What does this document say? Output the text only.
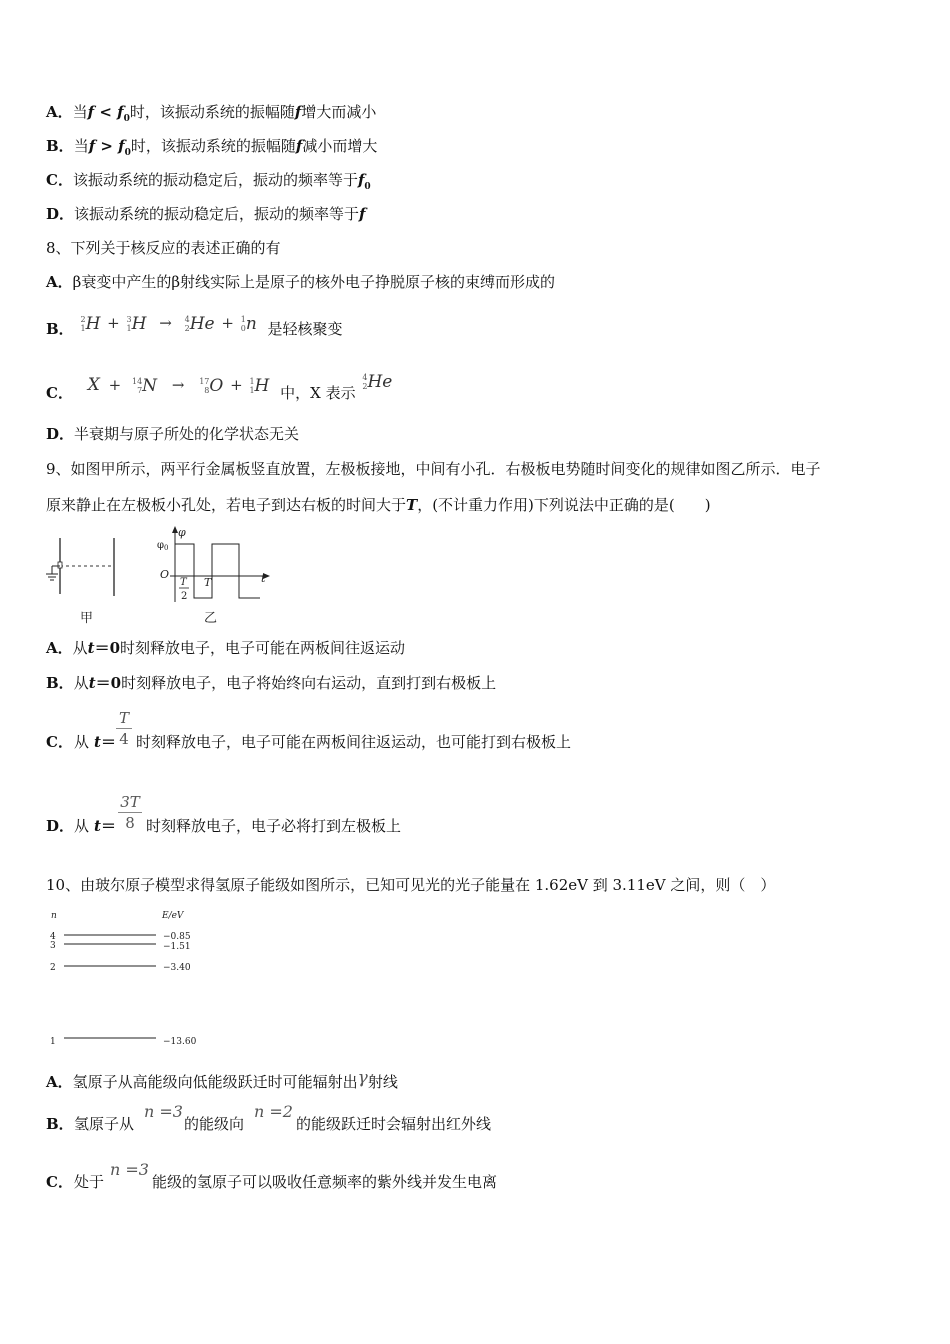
A．当$f < f_0$时，该振动系统的振幅随f增大而减小
B．当$f > f_0$时，该振动系统的振幅随f减小而增大
C．该振动系统的振动稳定后，振动的频率等于$f_0$
D．该振动系统的振动稳定后，振动的频率等于f
8、下列关于核反应的表述正确的有
A．β衰变中产生的β射线实际上是原子的核外电子挣脱原子核的束缚而形成的
B．
2
1 H + 3
1 H → 4
2 He + 1
0 n 是轻核聚变
C． X + 14
7 N → 17
8 O + 1
1 H 中，X 表示
4
2 He
D．半衰期与原子所处的化学状态无关
9、如图甲所示，两平行金属板竖直放置，左极板接地，中间有小孔．右极板电势随时间变化的规律如图乙所示．电子
原来静止在左极板小孔处，若电子到达右板的时间大于T，(不计重力作用)下列说法中正确的是(　　)
甲
φ
φ 0
O
T
2
T	t
乙
A．从t＝0时刻释放电子，电子可能在两板间往返运动
B．从t＝0时刻释放电子，电子将始终向右运动，直到打到右极板上
C． 从 t＝
T
4 时刻释放电子，电子可能在两板间往返运动，也可能打到右极板上
D． 从 t＝
3T
8 时刻释放电子，电子必将打到左极板上
10、由玻尔原子模型求得氢原子能级如图所示，已知可见光的光子能量在 1.62eV 到 3.11eV 之间，则（　）
n	E/eV
4	−0.85
3	−1.51
2	−3.40
1	−13.60
A．氢原子从高能级向低能级跃迁时可能辐射出γ射线
B． 氢原子从
n =3
的能级向
n =2
的能级跃迁时会辐射出红外线
C． 处于
n =3
能级的氢原子可以吸收任意频率的紫外线并发生电离
